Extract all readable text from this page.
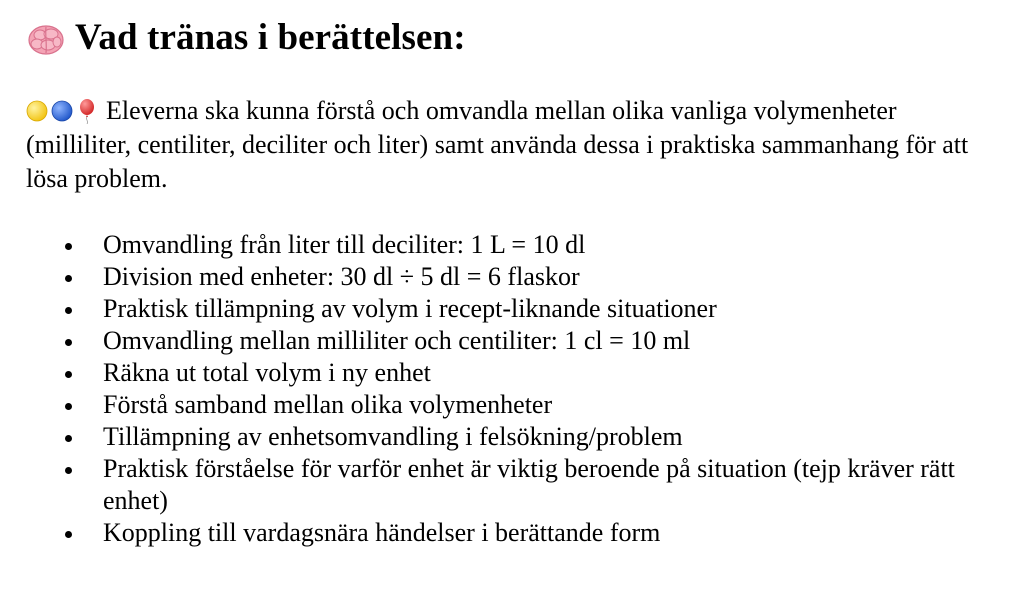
Vad tränas i berättelsen:
Eleverna ska kunna förstå och omvandla mellan olika vanliga volymenheter (milliliter, centiliter, deciliter och liter) samt använda dessa i praktiska sammanhang för att lösa problem.
Omvandling från liter till deciliter: 1 L = 10 dl
Division med enheter: 30 dl ÷ 5 dl = 6 flaskor
Praktisk tillämpning av volym i recept-liknande situationer
Omvandling mellan milliliter och centiliter: 1 cl = 10 ml
Räkna ut total volym i ny enhet
Förstå samband mellan olika volymenheter
Tillämpning av enhetsomvandling i felsökning/problem
Praktisk förståelse för varför enhet är viktig beroende på situation (tejp kräver rätt enhet)
Koppling till vardagsnära händelser i berättande form
